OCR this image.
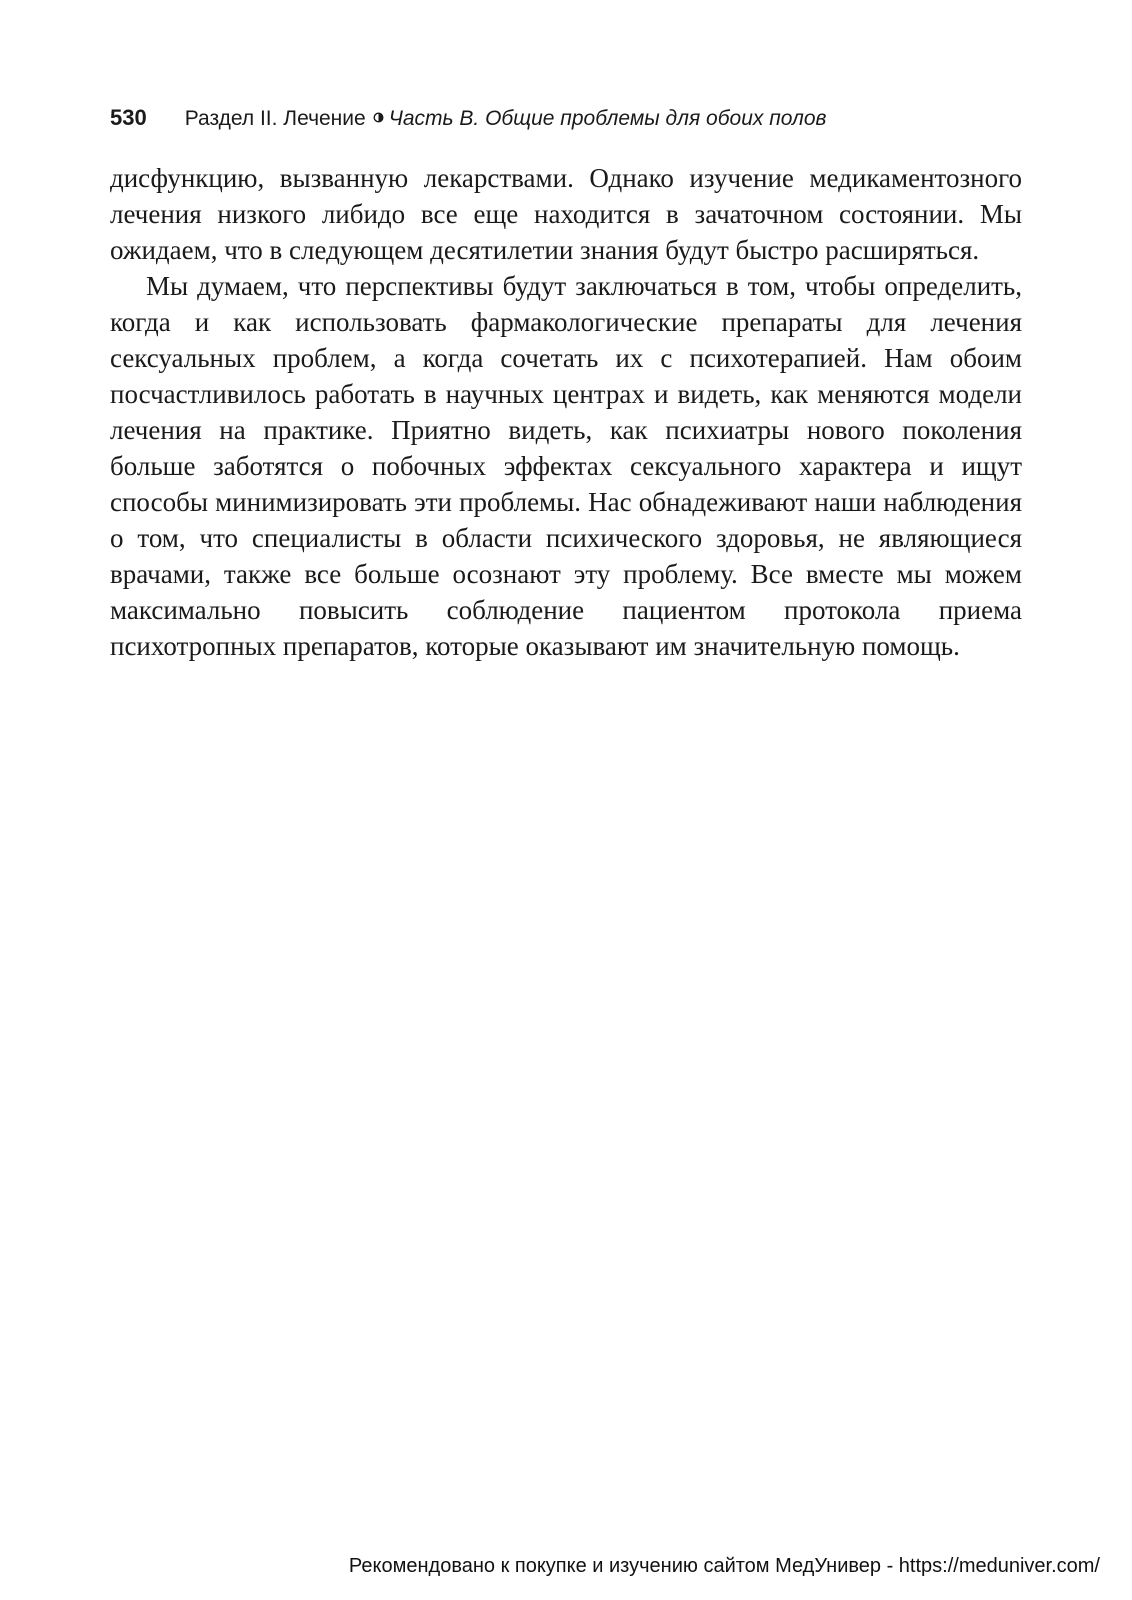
530 Раздел II. Лечение Часть В. Общие проблемы для обоих полов

дисфункцию, вызванную лекарствами. Однако изучение медикаментозного лечения низкого либидо все еще находится в зачаточном состоянии. Мы ожидаем, что в следующем десятилетии знания будут быстро расширяться.

Мы думаем, что перспективы будут заключаться в том, чтобы определить, когда и как использовать фармакологические препараты для лечения сексуальных проблем, а когда сочетать их с психотерапией. Нам обоим посчастливилось работать в научных центрах и видеть, как меняются модели лечения на практике. Приятно видеть, как психиатры нового поколения больше заботятся о побочных эффектах сексуального характера и ищут способы минимизировать эти проблемы. Нас обнадеживают наши наблюдения о том, что специалисты в области психического здоровья, не являющиеся врачами, также все больше осознают эту проблему. Все вместе мы можем максимально повысить соблюдение пациентом протокола приема психотропных препаратов, которые оказывают им значительную помощь.

Рекомендовано к покупке и изучению сайтом МедУнивер - https://meduniver.com/
